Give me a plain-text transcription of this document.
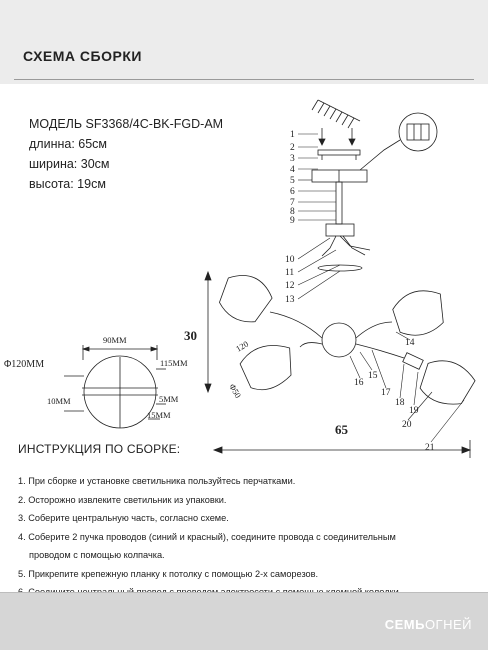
СХЕМА СБОРКИ
МОДЕЛЬ SF3368/4C-BK-FGD-AM
длинна: 65см
ширина: 30см
высота: 19см
1
2
3
4
5
6
7
8
9
10
11
12
13
Φ120MM
90MM
115MM
10MM	5MM
15MM
14
15
16
17
18
19
20
21
30
65
120
Φ50
ИНСТРУКЦИЯ ПО СБОРКЕ:
1. При сборке и установке светильника пользуйтесь перчатками.
2. Осторожно извлеките светильник из упаковки.
3. Соберите центральную часть, согласно схеме.
4. Соберите 2 пучка проводов (синий и красный), соедините провода с соединительным
проводом с помощью колпачка.
5. Прикрепите крепежную планку к потолку с помощью 2-х саморезов.
СЕМЬОГНЕЙ
